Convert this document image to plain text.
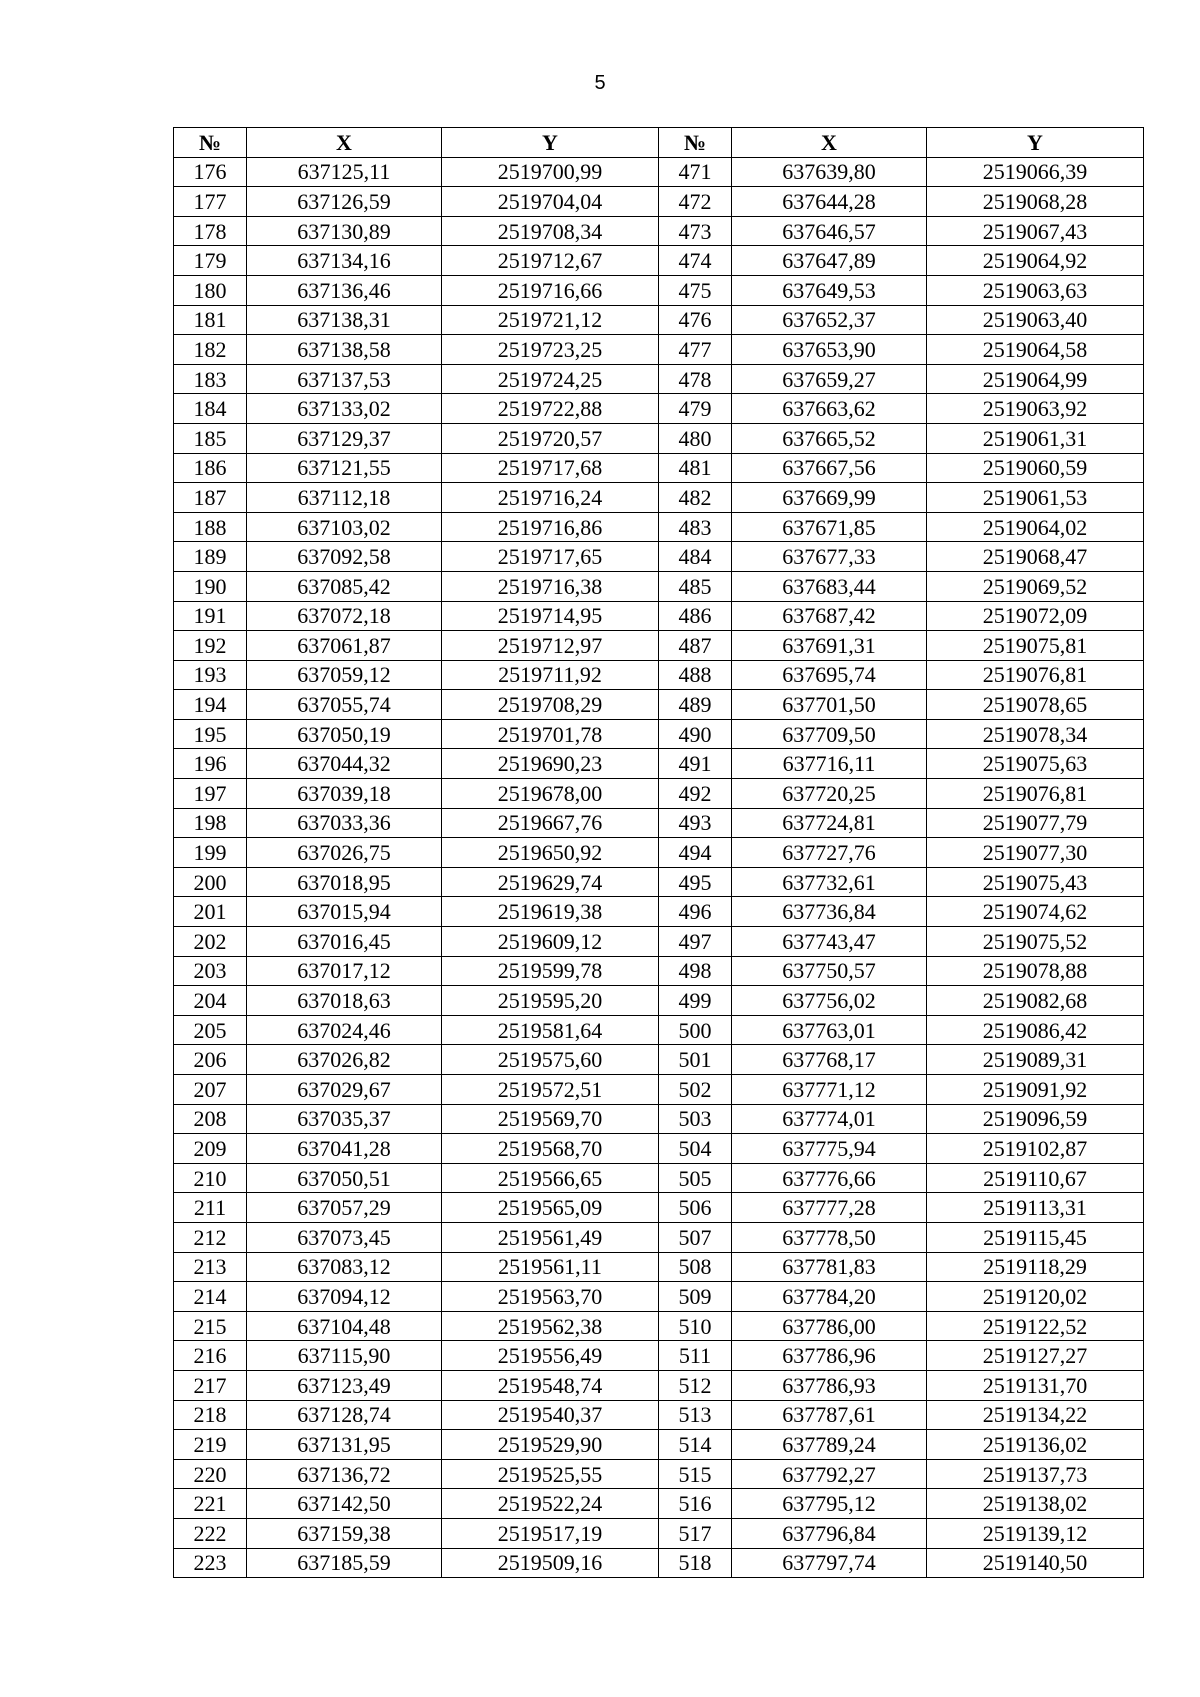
5
№	X	Y	№	X	Y
176	637125,11	2519700,99	471	637639,80	2519066,39
177	637126,59	2519704,04	472	637644,28	2519068,28
178	637130,89	2519708,34	473	637646,57	2519067,43
179	637134,16	2519712,67	474	637647,89	2519064,92
180	637136,46	2519716,66	475	637649,53	2519063,63
181	637138,31	2519721,12	476	637652,37	2519063,40
182	637138,58	2519723,25	477	637653,90	2519064,58
183	637137,53	2519724,25	478	637659,27	2519064,99
184	637133,02	2519722,88	479	637663,62	2519063,92
185	637129,37	2519720,57	480	637665,52	2519061,31
186	637121,55	2519717,68	481	637667,56	2519060,59
187	637112,18	2519716,24	482	637669,99	2519061,53
188	637103,02	2519716,86	483	637671,85	2519064,02
189	637092,58	2519717,65	484	637677,33	2519068,47
190	637085,42	2519716,38	485	637683,44	2519069,52
191	637072,18	2519714,95	486	637687,42	2519072,09
192	637061,87	2519712,97	487	637691,31	2519075,81
193	637059,12	2519711,92	488	637695,74	2519076,81
194	637055,74	2519708,29	489	637701,50	2519078,65
195	637050,19	2519701,78	490	637709,50	2519078,34
196	637044,32	2519690,23	491	637716,11	2519075,63
197	637039,18	2519678,00	492	637720,25	2519076,81
198	637033,36	2519667,76	493	637724,81	2519077,79
199	637026,75	2519650,92	494	637727,76	2519077,30
200	637018,95	2519629,74	495	637732,61	2519075,43
201	637015,94	2519619,38	496	637736,84	2519074,62
202	637016,45	2519609,12	497	637743,47	2519075,52
203	637017,12	2519599,78	498	637750,57	2519078,88
204	637018,63	2519595,20	499	637756,02	2519082,68
205	637024,46	2519581,64	500	637763,01	2519086,42
206	637026,82	2519575,60	501	637768,17	2519089,31
207	637029,67	2519572,51	502	637771,12	2519091,92
208	637035,37	2519569,70	503	637774,01	2519096,59
209	637041,28	2519568,70	504	637775,94	2519102,87
210	637050,51	2519566,65	505	637776,66	2519110,67
211	637057,29	2519565,09	506	637777,28	2519113,31
212	637073,45	2519561,49	507	637778,50	2519115,45
213	637083,12	2519561,11	508	637781,83	2519118,29
214	637094,12	2519563,70	509	637784,20	2519120,02
215	637104,48	2519562,38	510	637786,00	2519122,52
216	637115,90	2519556,49	511	637786,96	2519127,27
217	637123,49	2519548,74	512	637786,93	2519131,70
218	637128,74	2519540,37	513	637787,61	2519134,22
219	637131,95	2519529,90	514	637789,24	2519136,02
220	637136,72	2519525,55	515	637792,27	2519137,73
221	637142,50	2519522,24	516	637795,12	2519138,02
222	637159,38	2519517,19	517	637796,84	2519139,12
223	637185,59	2519509,16	518	637797,74	2519140,50
